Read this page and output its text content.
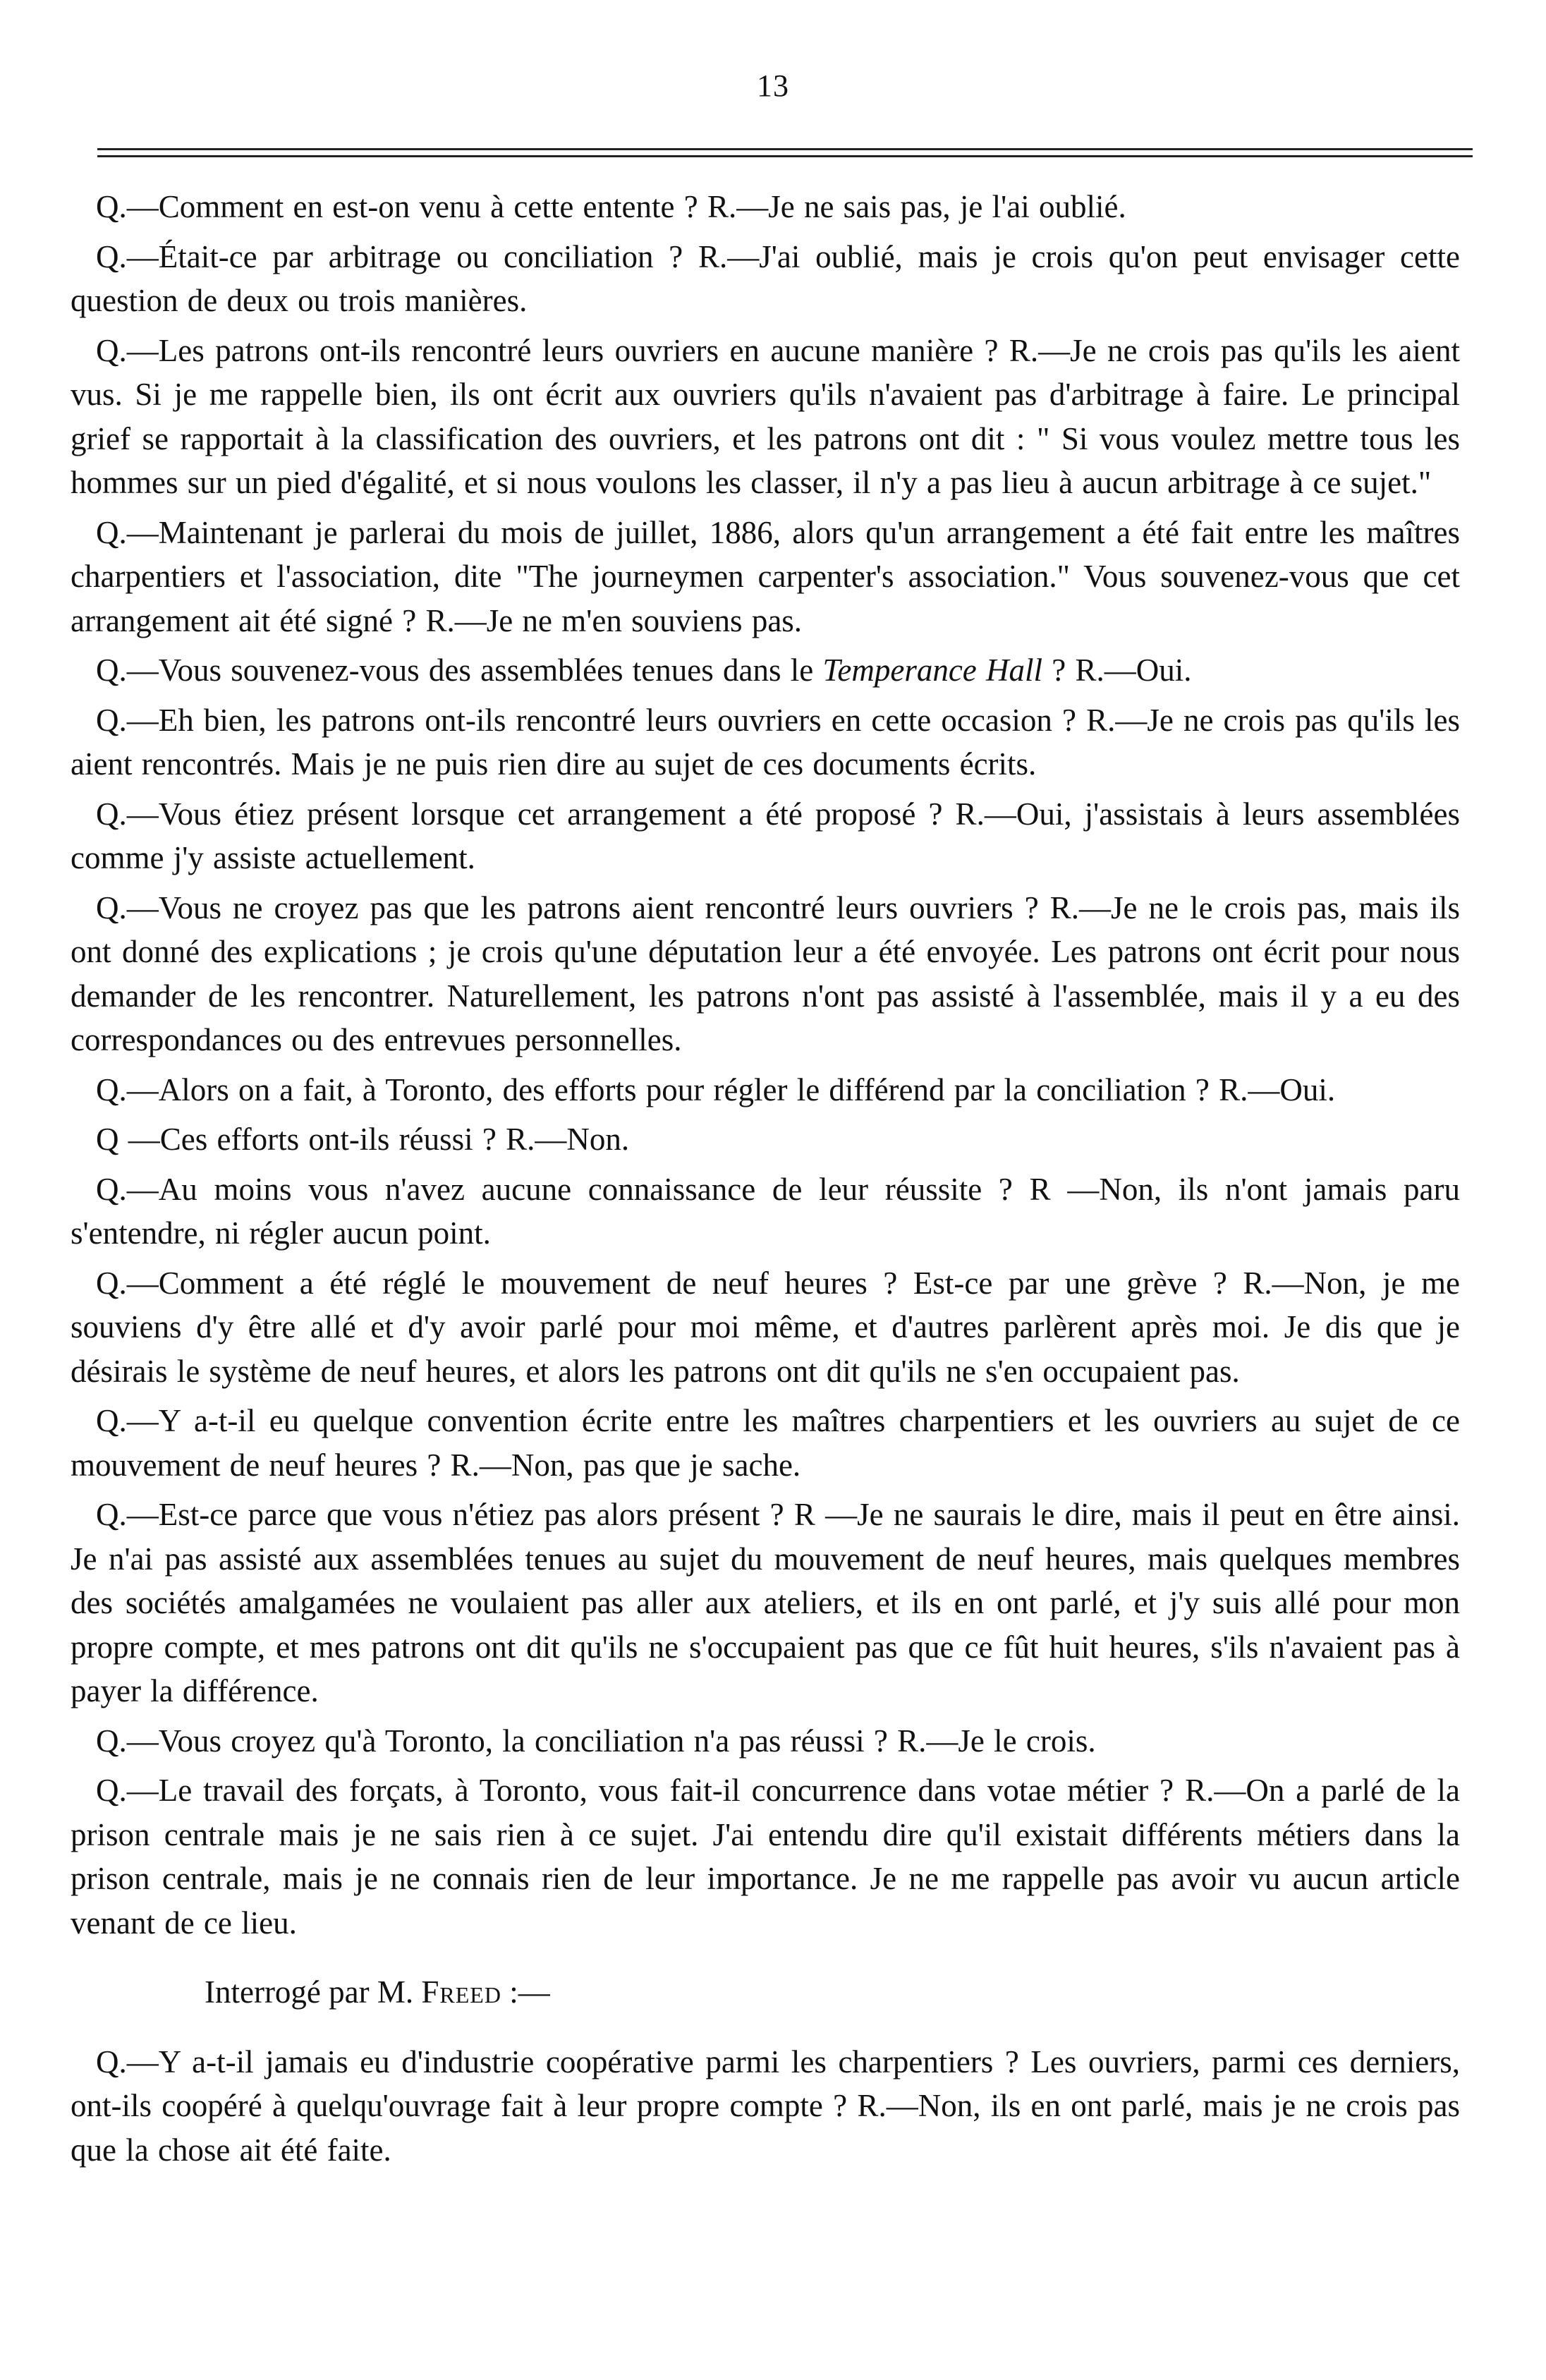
13

Q.—Comment en est-on venu à cette entente ? R.—Je ne sais pas, je l'ai oublié.

Q.—Était-ce par arbitrage ou conciliation ? R.—J'ai oublié, mais je crois qu'on peut envisager cette question de deux ou trois manières.

Q.—Les patrons ont-ils rencontré leurs ouvriers en aucune manière ? R.—Je ne crois pas qu'ils les aient vus. Si je me rappelle bien, ils ont écrit aux ouvriers qu'ils n'avaient pas d'arbitrage à faire. Le principal grief se rapportait à la classification des ouvriers, et les patrons ont dit : " Si vous voulez mettre tous les hommes sur un pied d'égalité, et si nous voulons les classer, il n'y a pas lieu à aucun arbitrage à ce sujet."

Q.—Maintenant je parlerai du mois de juillet, 1886, alors qu'un arrangement a été fait entre les maîtres charpentiers et l'association, dite "The journeymen carpenter's association." Vous souvenez-vous que cet arrangement ait été signé ? R.—Je ne m'en souviens pas.

Q.—Vous souvenez-vous des assemblées tenues dans le Temperance Hall ? R.—Oui.

Q.—Eh bien, les patrons ont-ils rencontré leurs ouvriers en cette occasion ? R.—Je ne crois pas qu'ils les aient rencontrés. Mais je ne puis rien dire au sujet de ces documents écrits.

Q.—Vous étiez présent lorsque cet arrangement a été proposé ? R.—Oui, j'assistais à leurs assemblées comme j'y assiste actuellement.

Q.—Vous ne croyez pas que les patrons aient rencontré leurs ouvriers ? R.—Je ne le crois pas, mais ils ont donné des explications ; je crois qu'une députation leur a été envoyée. Les patrons ont écrit pour nous demander de les rencontrer. Naturellement, les patrons n'ont pas assisté à l'assemblée, mais il y a eu des correspondances ou des entrevues personnelles.

Q.—Alors on a fait, à Toronto, des efforts pour régler le différend par la conciliation ? R.—Oui.

Q —Ces efforts ont-ils réussi ? R.—Non.

Q.—Au moins vous n'avez aucune connaissance de leur réussite ? R —Non, ils n'ont jamais paru s'entendre, ni régler aucun point.

Q.—Comment a été réglé le mouvement de neuf heures ? Est-ce par une grève ? R.—Non, je me souviens d'y être allé et d'y avoir parlé pour moi même, et d'autres parlèrent après moi. Je dis que je désirais le système de neuf heures, et alors les patrons ont dit qu'ils ne s'en occupaient pas.

Q.—Y a-t-il eu quelque convention écrite entre les maîtres charpentiers et les ouvriers au sujet de ce mouvement de neuf heures ? R.—Non, pas que je sache.

Q.—Est-ce parce que vous n'étiez pas alors présent ? R —Je ne saurais le dire, mais il peut en être ainsi. Je n'ai pas assisté aux assemblées tenues au sujet du mouvement de neuf heures, mais quelques membres des sociétés amalgamées ne voulaient pas aller aux ateliers, et ils en ont parlé, et j'y suis allé pour mon propre compte, et mes patrons ont dit qu'ils ne s'occupaient pas que ce fût huit heures, s'ils n'avaient pas à payer la différence.

Q.—Vous croyez qu'à Toronto, la conciliation n'a pas réussi ? R.—Je le crois.

Q.—Le travail des forçats, à Toronto, vous fait-il concurrence dans votae métier ? R.—On a parlé de la prison centrale mais je ne sais rien à ce sujet. J'ai entendu dire qu'il existait différents métiers dans la prison centrale, mais je ne connais rien de leur importance. Je ne me rappelle pas avoir vu aucun article venant de ce lieu.

Interrogé par M. Freed :—

Q.—Y a-t-il jamais eu d'industrie coopérative parmi les charpentiers ? Les ouvriers, parmi ces derniers, ont-ils coopéré à quelqu'ouvrage fait à leur propre compte ? R.—Non, ils en ont parlé, mais je ne crois pas que la chose ait été faite.
